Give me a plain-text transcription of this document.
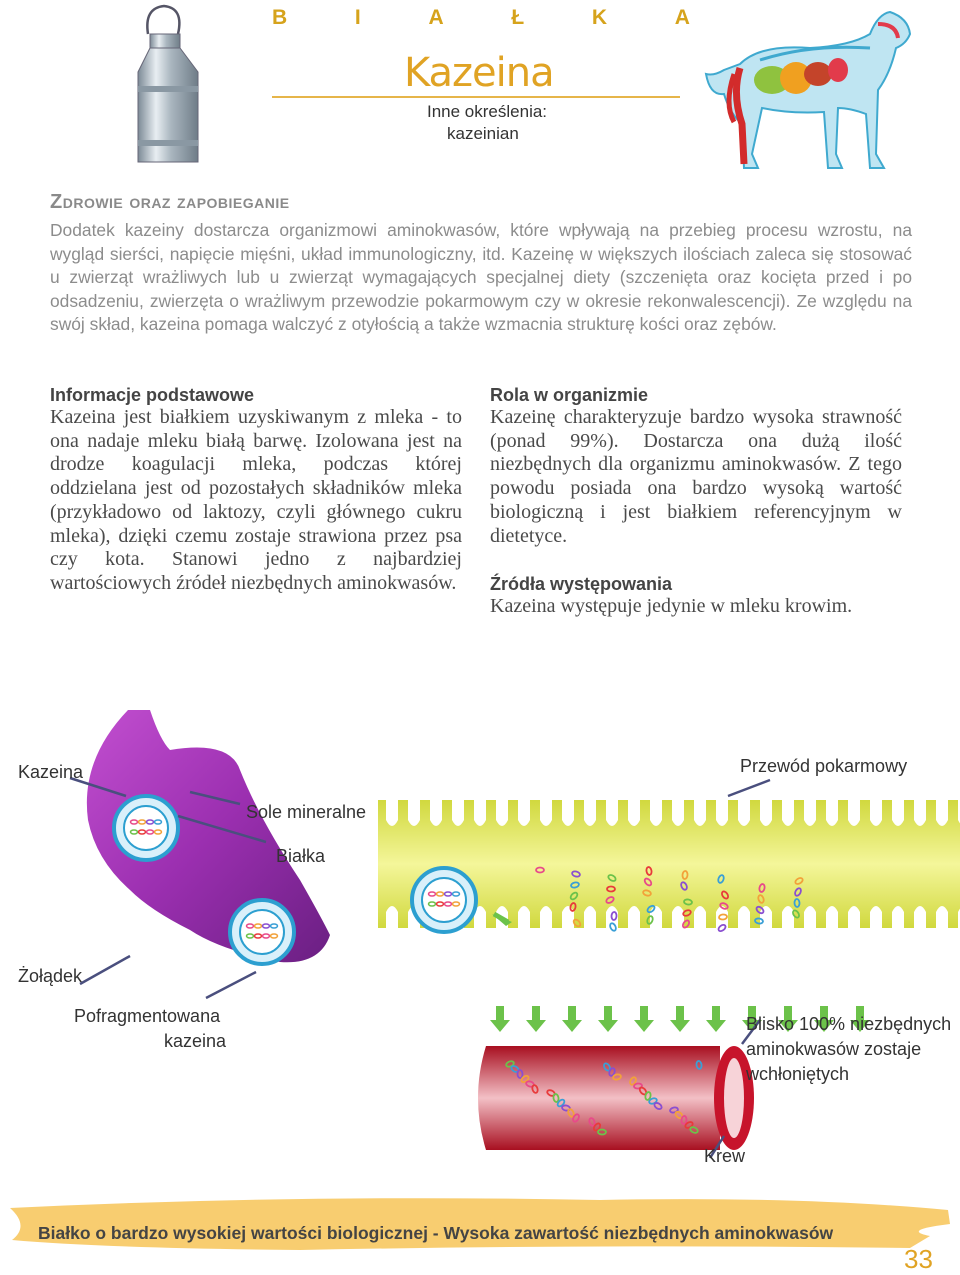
B	I	A	Ł	K	A
Kazeina
Inne określenia:
kazeinian
Zdrowie oraz zapobieganie

Dodatek kazeiny dostarcza organizmowi aminokwasów, które wpływają na przebieg procesu wzrostu, na wygląd sierści, napięcie mięśni, układ immunologiczny, itd. Kazeinę w większych ilościach zaleca się stosować u zwierząt wrażliwych lub u zwierząt wymagających specjalnej diety (szczenięta oraz kocięta przed i po odsadzeniu, zwierzęta o wrażliwym przewodzie pokarmowym czy w okresie rekonwalescencji). Ze względu na swój skład, kazeina pomaga walczyć z otyłością a także wzmacnia strukturę kości oraz zębów.

Informacje podstawowe

Kazeina jest białkiem uzyskiwanym z mleka - to ona nadaje mleku białą barwę. Izolowana jest na drodze koagulacji mleka, podczas której oddzielana jest od pozostałych składników mleka (przykładowo od laktozy, czyli głównego cukru mleka), dzięki czemu zostaje strawiona przez psa czy kota. Stanowi jedno z najbardziej wartościowych źródeł niezbędnych aminokwasów.

Rola w organizmie

Kazeinę charakteryzuje bardzo wysoka strawność (ponad 99%). Dostarcza ona dużą ilość niezbędnych dla organizmu aminokwasów. Z tego powodu posiada ona bardzo wysoką wartość biologiczną i jest białkiem referencyjnym w dietetyce.

Źródła występowania

Kazeina występuje jedynie w mleku krowim.

Kazeina
Sole mineralne
Białka
Żołądek
Pofragmentowana
kazeina
Przewód pokarmowy
Blisko 100% niezbędnych
aminokwasów zostaje
wchłoniętych
Krew
Białko o bardzo wysokiej wartości biologicznej - Wysoka zawartość niezbędnych aminokwasów
33
